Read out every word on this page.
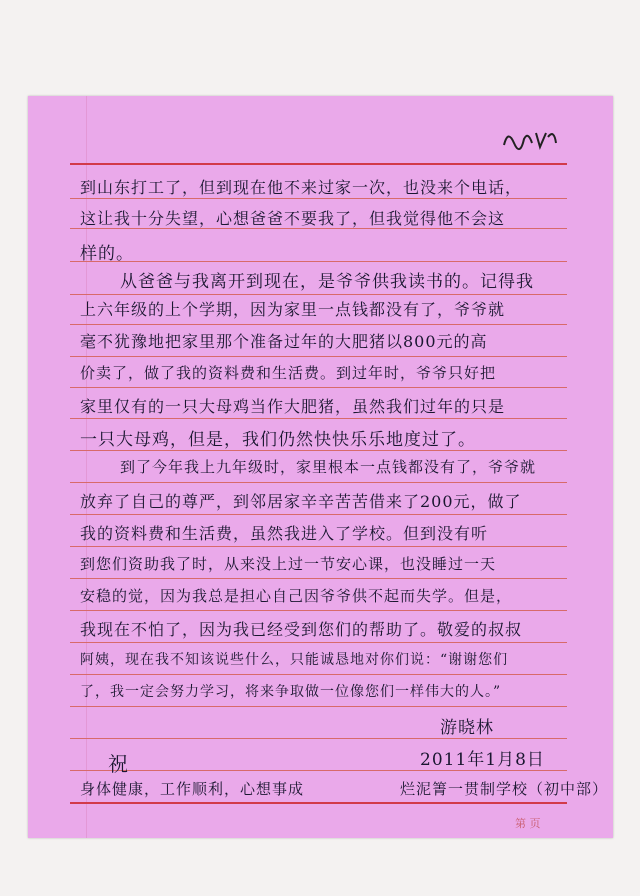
到山东打工了，但到现在他不来过家一次，也没来个电话，
这让我十分失望，心想爸爸不要我了，但我觉得他不会这
样的。
从爸爸与我离开到现在，是爷爷供我读书的。记得我
上六年级的上个学期，因为家里一点钱都没有了，爷爷就
毫不犹豫地把家里那个准备过年的大肥猪以800元的高
价卖了，做了我的资料费和生活费。到过年时，爷爷只好把
家里仅有的一只大母鸡当作大肥猪，虽然我们过年的只是
一只大母鸡，但是，我们仍然快快乐乐地度过了。
到了今年我上九年级时，家里根本一点钱都没有了，爷爷就
放弃了自己的尊严，到邻居家辛辛苦苦借来了200元，做了
我的资料费和生活费，虽然我进入了学校。但到没有听
到您们资助我了时，从来没上过一节安心课，也没睡过一天
安稳的觉，因为我总是担心自己因爷爷供不起而失学。但是，
我现在不怕了，因为我已经受到您们的帮助了。敬爱的叔叔
阿姨，现在我不知该说些什么，只能诚恳地对你们说：“谢谢您们
了，我一定会努力学习，将来争取做一位像您们一样伟大的人。”
游晓林
2011年1月8日
祝
身体健康，工作顺利，心想事成	烂泥箐一贯制学校（初中部）
第 页
